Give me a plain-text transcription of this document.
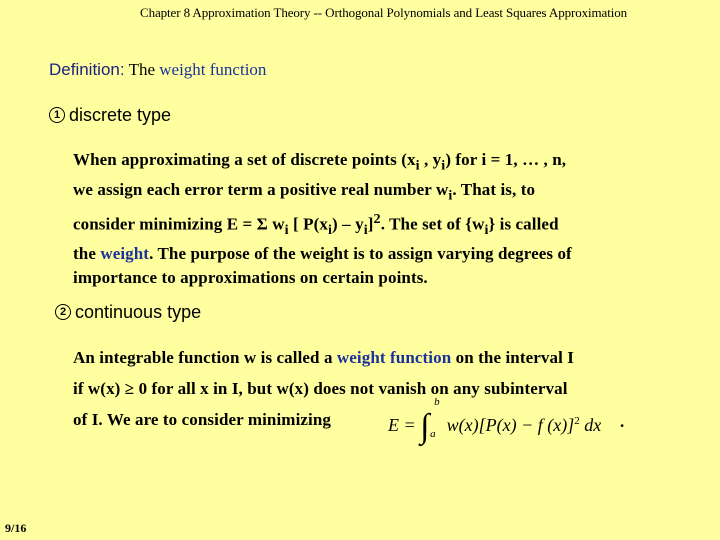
Chapter 8 Approximation Theory -- Orthogonal Polynomials and Least Squares Approximation
Definition: The weight function
1 discrete type
When approximating a set of discrete points ($x_i$ , $y_i$) for i = 1, … , n,
we assign each error term a positive real number $w_i$. That is, to
consider minimizing E = Σ $w_i$ [ $P(x_i) - y_i]^2$. The set of $\{w_i\}$ is called
the weight. The purpose of the weight is to assign varying degrees of
importance to approximations on certain points.
2 continuous type
An integrable function w is called a weight function on the interval I
if w(x) ≥ 0 for all x in I, but w(x) does not vanish on any subinterval
of I. We are to consider minimizing	E = ∫
b
a w(x)[P(x) − f (x)]$^2$ dx .
9/16
